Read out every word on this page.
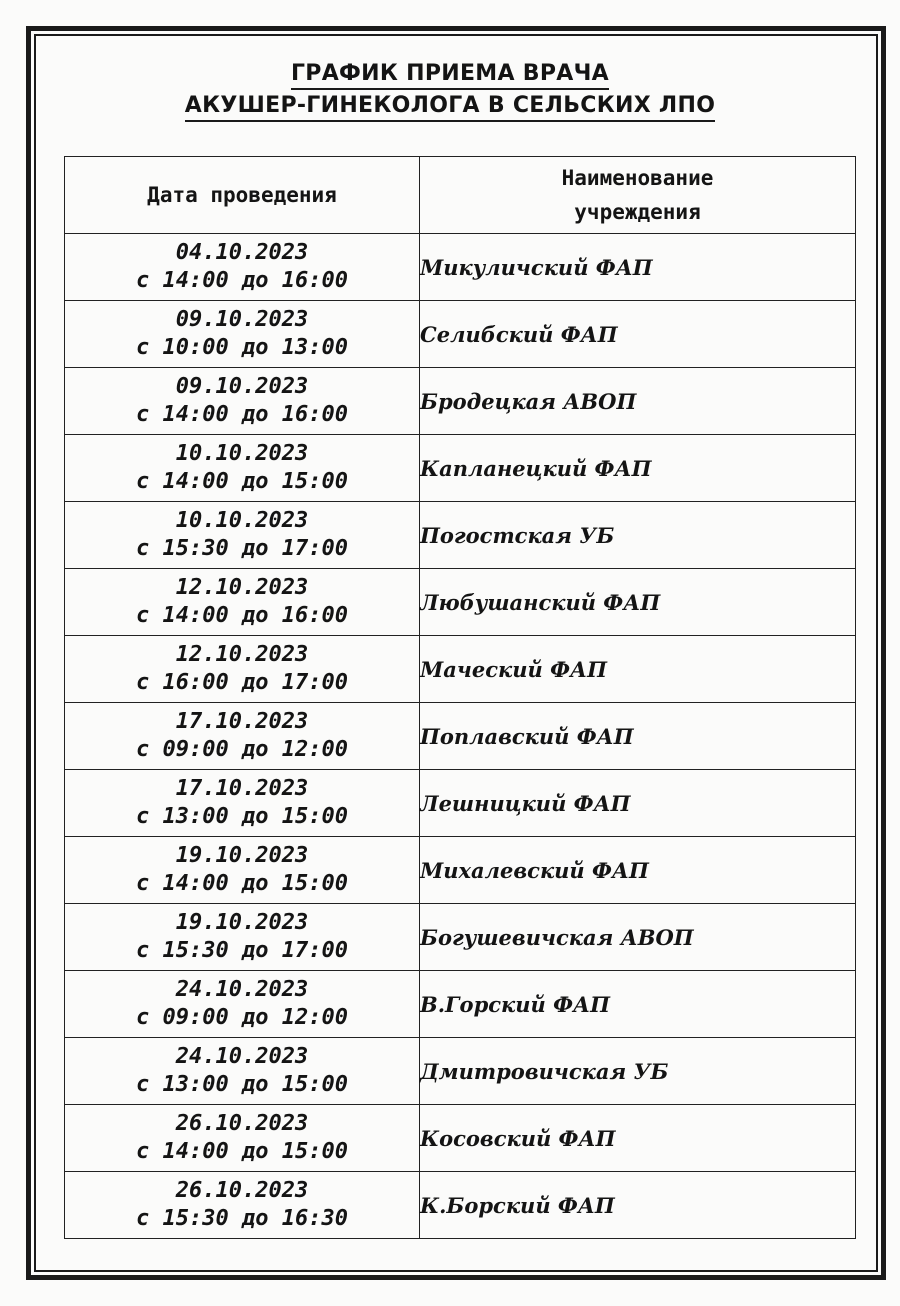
ГРАФИК ПРИЕМА ВРАЧА
АКУШЕР-ГИНЕКОЛОГА В СЕЛЬСКИХ ЛПО
Дата проведения	Наименование
учреждения

04.10.2023
с 14:00 до 16:00	Микуличский ФАП

09.10.2023
с 10:00 до 13:00	Селибский ФАП

09.10.2023
с 14:00 до 16:00	Бродецкая АВОП

10.10.2023
с 14:00 до 15:00	Капланецкий ФАП

10.10.2023
с 15:30 до 17:00	Погостская УБ

12.10.2023
с 14:00 до 16:00	Любушанский ФАП

12.10.2023
с 16:00 до 17:00	Маческий ФАП

17.10.2023
с 09:00 до 12:00	Поплавский ФАП

17.10.2023
с 13:00 до 15:00	Лешницкий ФАП

19.10.2023
с 14:00 до 15:00	Михалевский ФАП

19.10.2023
с 15:30 до 17:00	Богушевичская АВОП

24.10.2023
с 09:00 до 12:00	В.Горский ФАП

24.10.2023
с 13:00 до 15:00	Дмитровичская УБ

26.10.2023
с 14:00 до 15:00	Косовский ФАП

26.10.2023
с 15:30 до 16:30	К.Борский ФАП
